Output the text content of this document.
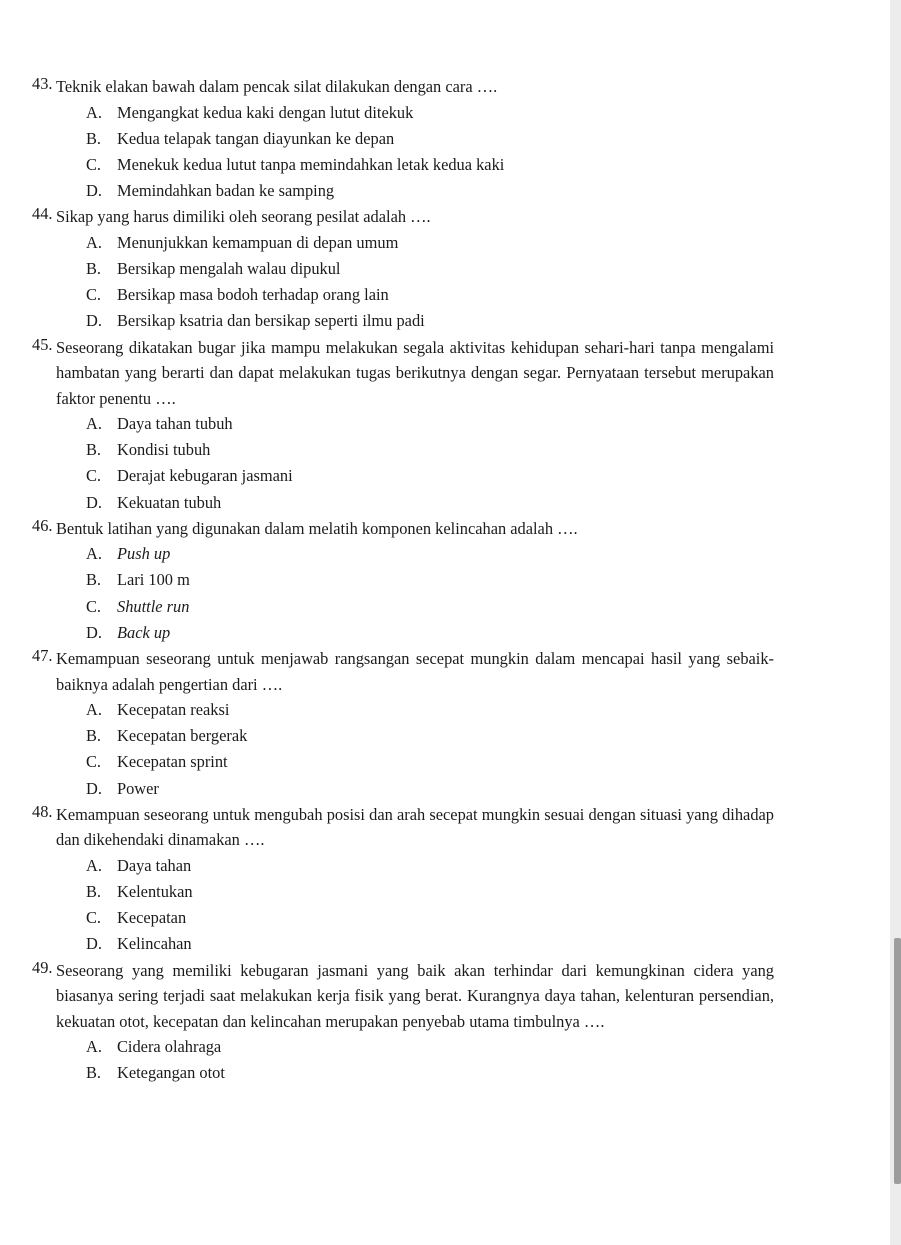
43. Teknik elakan bawah dalam pencak silat dilakukan dengan cara ….
A. Mengangkat kedua kaki dengan lutut ditekuk
B. Kedua telapak tangan diayunkan ke depan
C. Menekuk kedua lutut tanpa memindahkan letak kedua kaki
D. Memindahkan badan ke samping
44. Sikap yang harus dimiliki oleh seorang pesilat adalah ….
A. Menunjukkan kemampuan di depan umum
B. Bersikap mengalah walau dipukul
C. Bersikap masa bodoh terhadap orang lain
D. Bersikap ksatria dan bersikap seperti ilmu padi
45. Seseorang dikatakan bugar jika mampu melakukan segala aktivitas kehidupan sehari-hari tanpa mengalami hambatan yang berarti dan dapat melakukan tugas berikutnya dengan segar. Pernyataan tersebut merupakan faktor penentu ….
A. Daya tahan tubuh
B. Kondisi tubuh
C. Derajat kebugaran jasmani
D. Kekuatan tubuh
46. Bentuk latihan yang digunakan dalam melatih komponen kelincahan adalah ….
A. Push up
B. Lari 100 m
C. Shuttle run
D. Back up
47. Kemampuan seseorang untuk menjawab rangsangan secepat mungkin dalam mencapai hasil yang sebaik-baiknya adalah pengertian dari ….
A. Kecepatan reaksi
B. Kecepatan bergerak
C. Kecepatan sprint
D. Power
48. Kemampuan seseorang untuk mengubah posisi dan arah secepat mungkin sesuai dengan situasi yang dihadap dan dikehendaki dinamakan ….
A. Daya tahan
B. Kelentukan
C. Kecepatan
D. Kelincahan
49. Seseorang yang memiliki kebugaran jasmani yang baik akan terhindar dari kemungkinan cidera yang biasanya sering terjadi saat melakukan kerja fisik yang berat. Kurangnya daya tahan, kelenturan persendian, kekuatan otot, kecepatan dan kelincahan merupakan penyebab utama timbulnya ….
A. Cidera olahraga
B. Ketegangan otot
